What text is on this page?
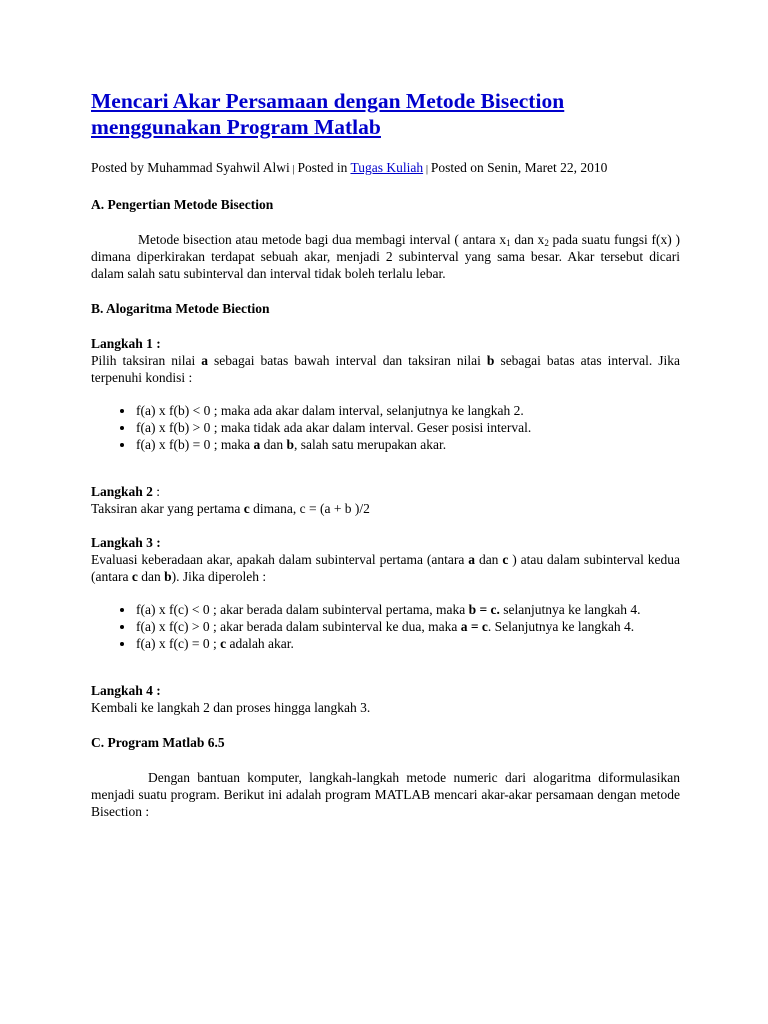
Mencari Akar Persamaan dengan Metode Bisection
menggunakan Program Matlab
Posted by Muhammad Syahwil Alwi | Posted in Tugas Kuliah | Posted on Senin, Maret 22, 2010
A. Pengertian Metode Bisection

Metode bisection atau metode bagi dua membagi interval ( antara $x_1$ dan $x_2$ pada suatu fungsi f(x) ) dimana diperkirakan terdapat sebuah akar, menjadi 2 subinterval yang sama besar. Akar tersebut dicari dalam salah satu subinterval dan interval tidak boleh terlalu lebar.

B. Alogaritma Metode Biection
Langkah 1 :

Pilih taksiran nilai a sebagai batas bawah interval dan taksiran nilai b sebagai batas atas interval. Jika terpenuhi kondisi :

• f(a) x f(b) < 0 ; maka ada akar dalam interval, selanjutnya ke langkah 2.
• f(a) x f(b) > 0 ; maka tidak ada akar dalam interval. Geser posisi interval.
• f(a) x f(b) = 0 ; maka a dan b, salah satu merupakan akar.

Langkah 2 :

Taksiran akar yang pertama c dimana, c = (a + b )/2

Langkah 3 :

Evaluasi keberadaan akar, apakah dalam subinterval pertama (antara a dan c ) atau dalam subinterval kedua (antara c dan b). Jika diperoleh :

• f(a) x f(c) < 0 ; akar berada dalam subinterval pertama, maka b = c. selanjutnya ke langkah 4.
• f(a) x f(c) > 0 ; akar berada dalam subinterval ke dua, maka a = c. Selanjutnya ke langkah 4.
• f(a) x f(c) = 0 ; c adalah akar.
Langkah 4 :

Kembali ke langkah 2 dan proses hingga langkah 3.

C. Program Matlab 6.5

Dengan bantuan komputer, langkah-langkah metode numeric dari alogaritma diformulasikan menjadi suatu program. Berikut ini adalah program MATLAB mencari akar-akar persamaan dengan metode Bisection :
